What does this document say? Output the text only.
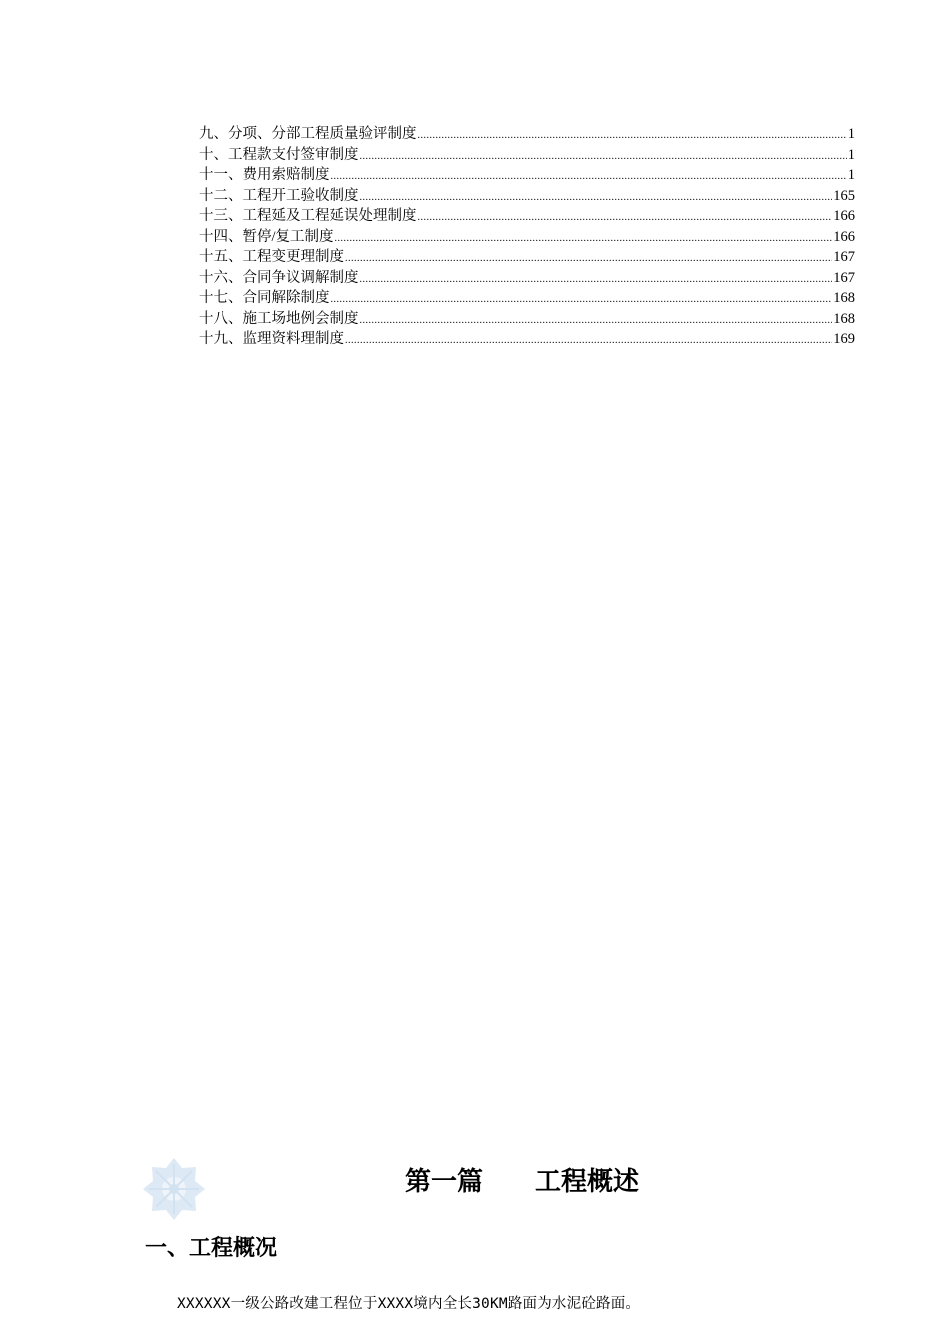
九、分项、分部工程质量验评制度 .....	1
十、工程款支付签审制度 .....	1
十一、费用索赔制度 .....	1
十二、工程开工验收制度 .....	165
十三、工程延及工程延误处理制度 .....	166
十四、暂停/复工制度 .....	166
十五、工程变更理制度 .....	167
十六、合同争议调解制度 .....	167
十七、合同解除制度 .....	168
十八、施工场地例会制度 .....	168
十九、监理资料理制度 .....	169
第一篇　　工程概述
一、工程概况
XXXXXX一级公路改建工程位于XXXX境内全长30KM路面为水泥砼路面。
